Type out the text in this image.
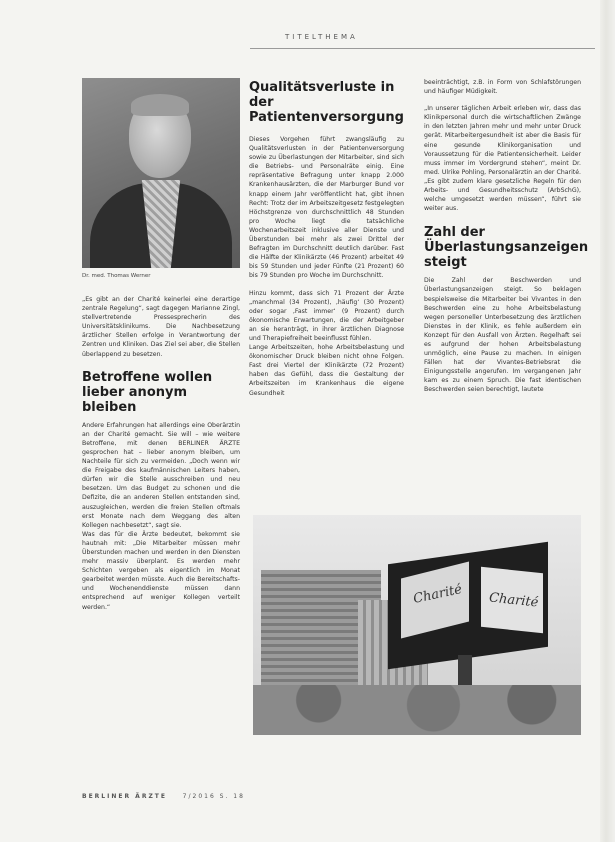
TITELTHEMA
Dr. med. Thomas Werner

„Es gibt an der Charité keinerlei eine derartige zentrale Regelung“, sagt dagegen Marianne Zingl, stellvertretende Pressesprecherin des Universitätsklinikums. Die Nachbesetzung ärztlicher Stellen erfolge in Verantwortung der Zentren und Kliniken. Das Ziel sei aber, die Stellen überlappend zu besetzen.

Betroffene wollen lieber anonym bleiben

Andere Erfahrungen hat allerdings eine Oberärztin an der Charité gemacht. Sie will – wie weitere Betroffene, mit denen BERLINER ÄRZTE gesprochen hat – lieber anonym bleiben, um Nachteile für sich zu vermeiden. „Doch wenn wir die Freigabe des kaufmännischen Leiters haben, dürfen wir die Stelle ausschreiben und neu besetzen. Um das Budget zu schonen und die Defizite, die an anderen Stellen entstanden sind, auszugleichen, werden die freien Stellen oftmals erst Monate nach dem Weggang des alten Kollegen nachbesetzt“, sagt sie.

Was das für die Ärzte bedeutet, bekommt sie hautnah mit: „Die Mitarbeiter müssen mehr Überstunden machen und werden in den Diensten mehr massiv überplant. Es werden mehr Schichten vergeben als eigentlich im Monat gearbeitet werden müsste. Auch die Bereitschafts- und Wochenenddienste müssen dann entsprechend auf weniger Kollegen verteilt werden.“

Qualitätsverluste in der Patientenversorgung

Dieses Vorgehen führt zwangsläufig zu Qualitätsverlusten in der Patientenversorgung sowie zu Überlastungen der Mitarbeiter, sind sich die Betriebs- und Personalräte einig. Eine repräsentative Befragung unter knapp 2.000 Krankenhausärzten, die der Marburger Bund vor knapp einem Jahr veröffentlicht hat, gibt ihnen Recht: Trotz der im Arbeitszeitgesetz festgelegten Höchstgrenze von durchschnittlich 48 Stunden pro Woche liegt die tatsächliche Wochenarbeitszeit inklusive aller Dienste und Überstunden bei mehr als zwei Drittel der Befragten im Durchschnitt deutlich darüber. Fast die Hälfte der Klinikärzte (46 Prozent) arbeitet 49 bis 59 Stunden und jeder Fünfte (21 Prozent) 60 bis 79 Stunden pro Woche im Durchschnitt.

Hinzu kommt, dass sich 71 Prozent der Ärzte „manchmal (34 Prozent), ‚häufig‘ (30 Prozent) oder sogar ‚Fast immer‘ (9 Prozent) durch ökonomische Erwartungen, die der Arbeitgeber an sie heranträgt, in ihrer ärztlichen Diagnose und Therapiefreiheit beeinflusst fühlen.

Lange Arbeitszeiten, hohe Arbeitsbelastung und ökonomischer Druck bleiben nicht ohne Folgen. Fast drei Viertel der Klinikärzte (72 Prozent) haben das Gefühl, dass die Gestaltung der Arbeitszeiten im Krankenhaus die eigene Gesundheit

beeinträchtigt, z.B. in Form von Schlafstörungen und häufiger Müdigkeit.

„In unserer täglichen Arbeit erleben wir, dass das Klinikpersonal durch die wirtschaftlichen Zwänge in den letzten Jahren mehr und mehr unter Druck gerät. Mitarbeitergesundheit ist aber die Basis für eine gesunde Klinikorganisation und Voraussetzung für die Patientensicherheit. Leider muss immer im Vordergrund stehen“, meint Dr. med. Ulrike Pohling, Personalärztin an der Charité. „Es gibt zudem klare gesetzliche Regeln für den Arbeits- und Gesundheitsschutz (ArbSchG), welche umgesetzt werden müssen“, führt sie weiter aus.

Zahl der Überlastungsanzeigen steigt

Die Zahl der Beschwerden und Überlastungsanzeigen steigt. So beklagen bespielsweise die Mitarbeiter bei Vivantes in den Beschwerden eine zu hohe Arbeitsbelastung wegen personeller Unterbesetzung des ärztlichen Dienstes in der Klinik, es fehle außerdem ein Konzept für den Ausfall von Ärzten. Regelhaft sei es aufgrund der hohen Arbeitsbelastung unmöglich, eine Pause zu machen. In einigen Fällen hat der Vivantes-Betriebsrat die Einigungsstelle angerufen. Im vergangenen Jahr kam es zu einem Spruch. Die fast identischen Beschwerden seien berechtigt, lautete

Charité Charité
BERLINER ÄRZTE	7/2016 S. 18
